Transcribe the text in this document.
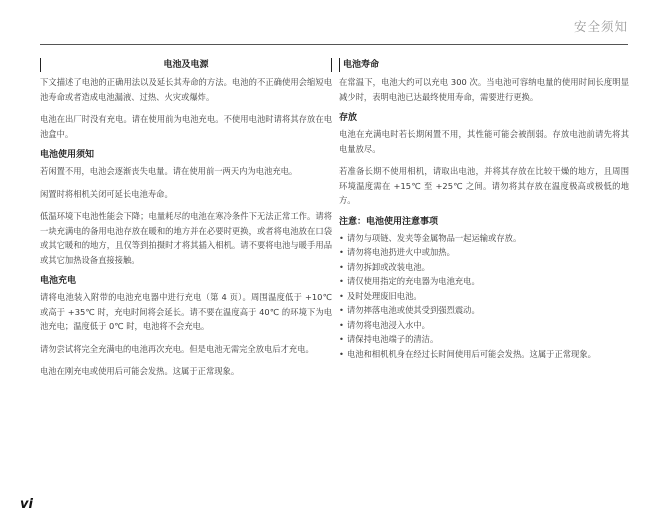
安全须知
电池及电源

下文描述了电池的正确用法以及延长其寿命的方法。电池的不正确使用会缩短电池寿命或者造成电池漏液、过热、火灾或爆炸。

电池在出厂时没有充电。请在使用前为电池充电。不使用电池时请将其存放在电池盒中。

电池使用须知

若闲置不用，电池会逐渐丧失电量。请在使用前一两天内为电池充电。

闲置时将相机关闭可延长电池寿命。

低温环境下电池性能会下降；电量耗尽的电池在寒冷条件下无法正常工作。请将一块充满电的备用电池存放在暖和的地方并在必要时更换，或者将电池放在口袋或其它暖和的地方，且仅等到拍摄时才将其插入相机。请不要将电池与暖手用品或其它加热设备直接接触。

电池充电

请将电池装入附带的电池充电器中进行充电（第 4 页）。周围温度低于 +10℃ 或高于 +35℃ 时，充电时间将会延长。请不要在温度高于 40℃ 的环境下为电池充电；温度低于 0℃ 时，电池将不会充电。

请勿尝试将完全充满电的电池再次充电。但是电池无需完全放电后才充电。

电池在刚充电或使用后可能会发热。这属于正常现象。

电池寿命

在常温下，电池大约可以充电 300 次。当电池可容纳电量的使用时间长度明显减少时，表明电池已达最终使用寿命，需要进行更换。

存放

电池在充满电时若长期闲置不用，其性能可能会被削弱。存放电池前请先将其电量放尽。

若准备长期不使用相机，请取出电池，并将其存放在比较干燥的地方，且周围环境温度需在 +15℃ 至 +25℃ 之间。请勿将其存放在温度极高或极低的地方。

注意：电池使用注意事项
• 请勿与项链、发夹等金属物品一起运输或存放。
• 请勿将电池扔进火中或加热。
• 请勿拆卸或改装电池。
• 请仅使用指定的充电器为电池充电。
• 及时处理废旧电池。
• 请勿摔落电池或使其受到强烈震动。
• 请勿将电池浸入水中。
• 请保持电池端子的清洁。
• 电池和相机机身在经过长时间使用后可能会发热。这属于正常现象。
vi
